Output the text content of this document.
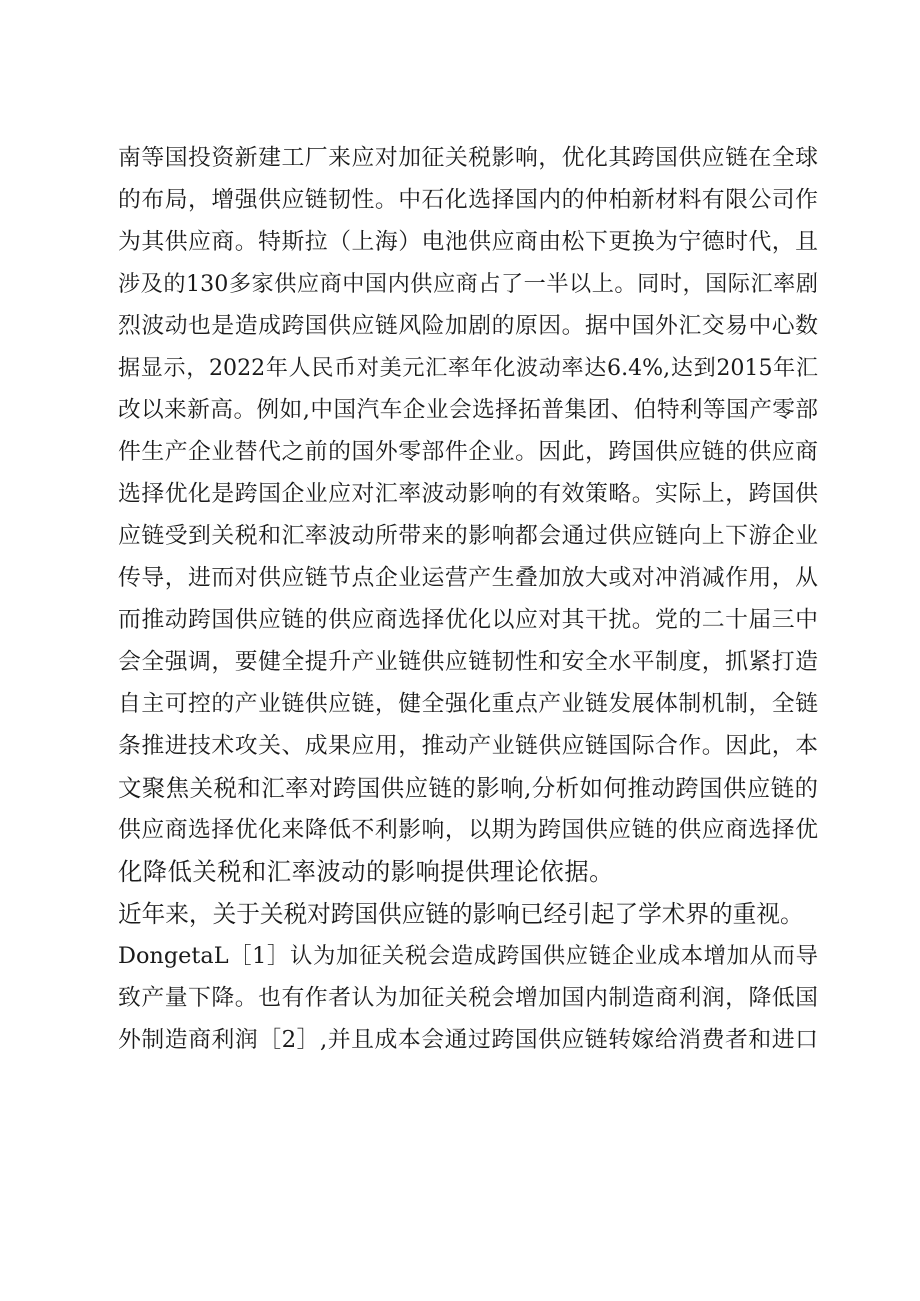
南等国投资新建工厂来应对加征关税影响，优化其跨国供应链在全球
的布局，增强供应链韧性。中石化选择国内的仲柏新材料有限公司作
为其供应商。特斯拉（上海）电池供应商由松下更换为宁德时代，且
涉及的130多家供应商中国内供应商占了一半以上。同时，国际汇率剧
烈波动也是造成跨国供应链风险加剧的原因。据中国外汇交易中心数
据显示，2022年人民币对美元汇率年化波动率达6.4%,达到2015年汇
改以来新高。例如,中国汽车企业会选择拓普集团、伯特利等国产零部
件生产企业替代之前的国外零部件企业。因此，跨国供应链的供应商
选择优化是跨国企业应对汇率波动影响的有效策略。实际上，跨国供
应链受到关税和汇率波动所带来的影响都会通过供应链向上下游企业
传导，进而对供应链节点企业运营产生叠加放大或对冲消减作用，从
而推动跨国供应链的供应商选择优化以应对其干扰。党的二十届三中
会全强调，要健全提升产业链供应链韧性和安全水平制度，抓紧打造
自主可控的产业链供应链，健全强化重点产业链发展体制机制，全链
条推进技术攻关、成果应用，推动产业链供应链国际合作。因此，本
文聚焦关税和汇率对跨国供应链的影响,分析如何推动跨国供应链的
供应商选择优化来降低不利影响，以期为跨国供应链的供应商选择优
化降低关税和汇率波动的影响提供理论依据。
近年来，关于关税对跨国供应链的影响已经引起了学术界的重视。
DongetaL［1］认为加征关税会造成跨国供应链企业成本增加从而导
致产量下降。也有作者认为加征关税会增加国内制造商利润，降低国
外制造商利润［2］,并且成本会通过跨国供应链转嫁给消费者和进口
